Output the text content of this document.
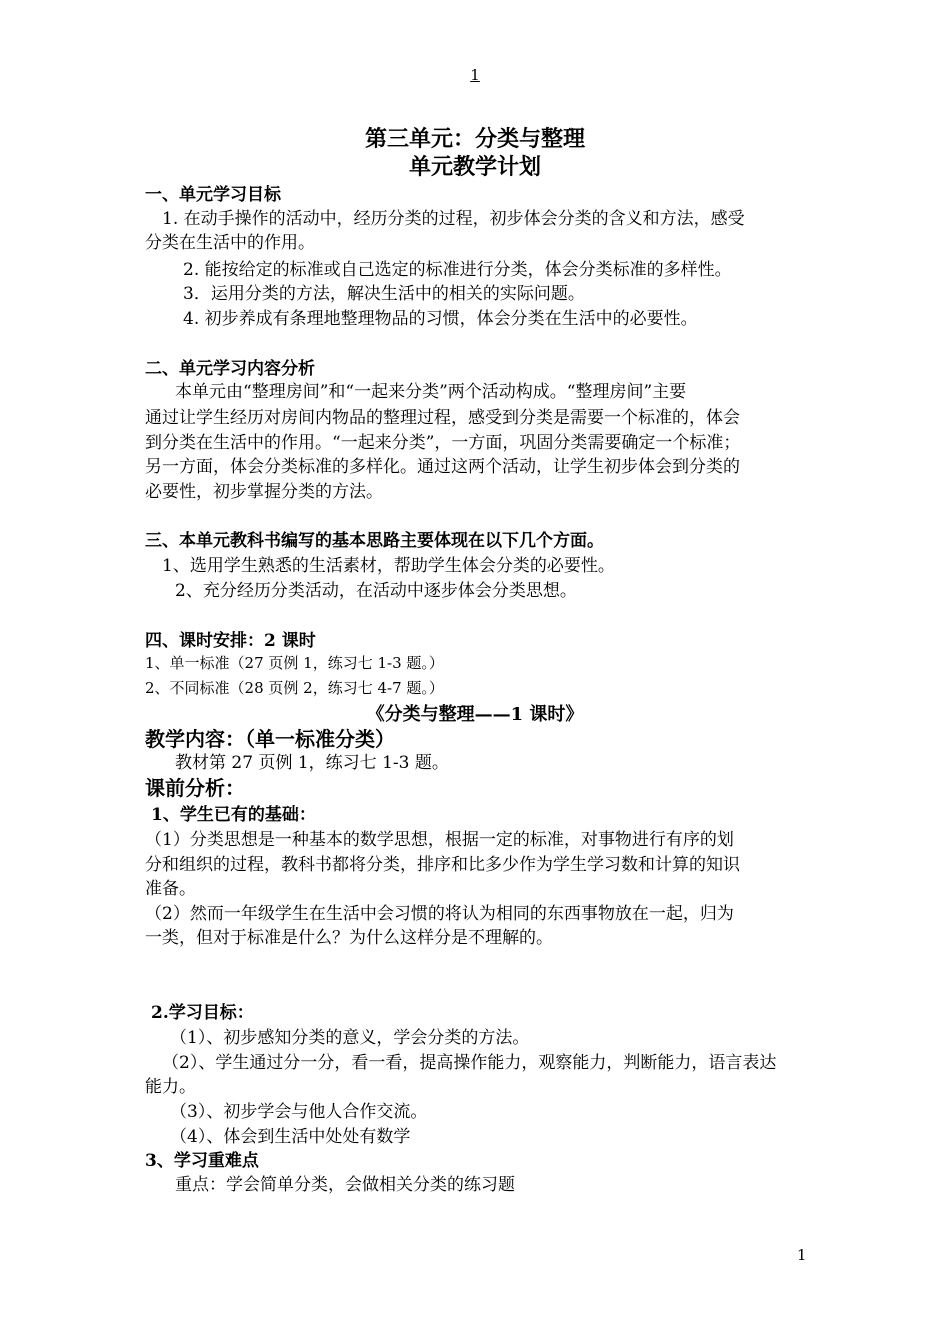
1
第三单元：分类与整理
单元教学计划
一、单元学习目标
1. 在动手操作的活动中，经历分类的过程，初步体会分类的含义和方法，感受
分类在生活中的作用。
2. 能按给定的标准或自己选定的标准进行分类，体会分类标准的多样性。
3．运用分类的方法，解决生活中的相关的实际问题。
4. 初步养成有条理地整理物品的习惯，体会分类在生活中的必要性。
二、单元学习内容分析
本单元由“整理房间”和“一起来分类”两个活动构成。“整理房间”主要
通过让学生经历对房间内物品的整理过程，感受到分类是需要一个标准的，体会
到分类在生活中的作用。“一起来分类”，一方面，巩固分类需要确定一个标准；
另一方面，体会分类标准的多样化。通过这两个活动，让学生初步体会到分类的
必要性，初步掌握分类的方法。
三、本单元教科书编写的基本思路主要体现在以下几个方面。
1、选用学生熟悉的生活素材，帮助学生体会分类的必要性。
2、充分经历分类活动，在活动中逐步体会分类思想。
四、课时安排：2 课时
1、单一标准（27 页例 1，练习七 1-3 题。）
2、不同标准（28 页例 2，练习七 4-7 题。）
《分类与整理——1 课时》
教学内容：（单一标准分类）
教材第 27 页例 1，练习七 1-3 题。
课前分析：
1、学生已有的基础：
（1）分类思想是一种基本的数学思想，根据一定的标准，对事物进行有序的划
分和组织的过程，教科书都将分类，排序和比多少作为学生学习数和计算的知识
准备。
（2）然而一年级学生在生活中会习惯的将认为相同的东西事物放在一起，归为
一类，但对于标准是什么？为什么这样分是不理解的。
2.学习目标：
（1）、初步感知分类的意义，学会分类的方法。
（2）、学生通过分一分，看一看，提高操作能力，观察能力，判断能力，语言表达
能力。
（3）、初步学会与他人合作交流。
（4）、体会到生活中处处有数学
3、学习重难点
重点：学会简单分类，会做相关分类的练习题
1
